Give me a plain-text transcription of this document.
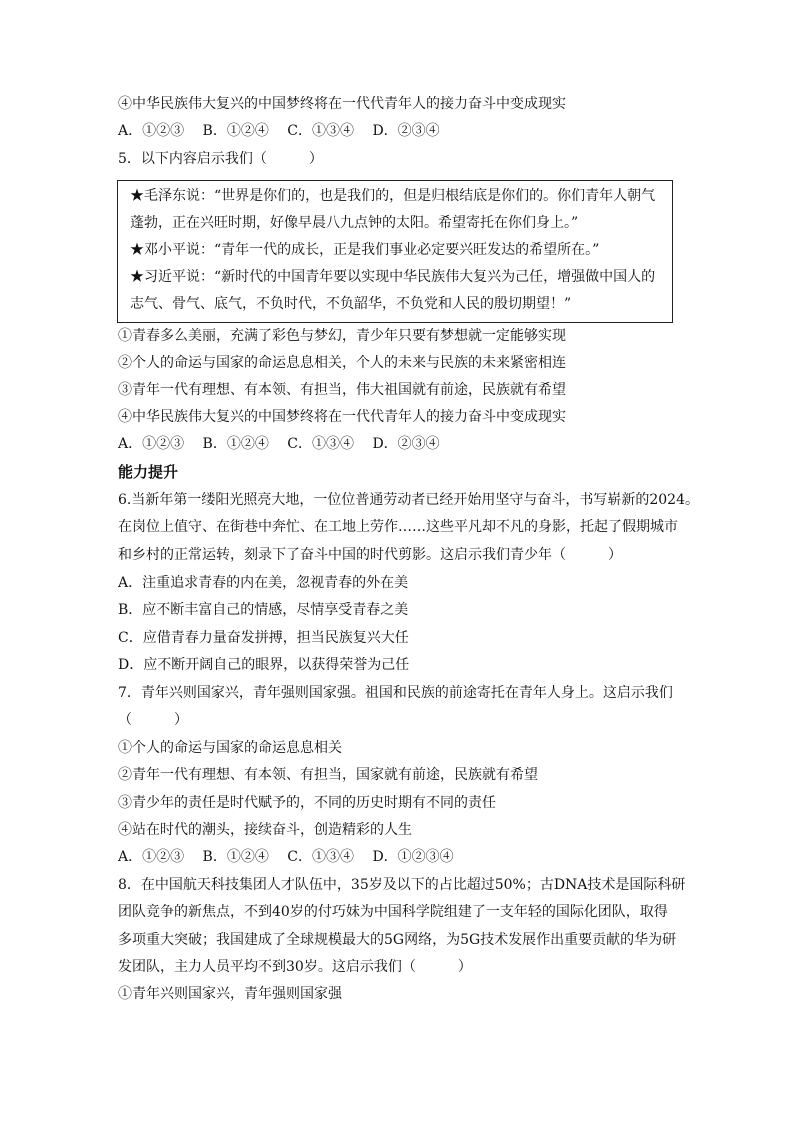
④中华民族伟大复兴的中国梦终将在一代代青年人的接力奋斗中变成现实
A．①②③　 B．①②④　 C．①③④　 D．②③④
5．以下内容启示我们（　　　）
★毛泽东说：“世界是你们的，也是我们的，但是归根结底是你们的。你们青年人朝气
蓬勃，正在兴旺时期，好像早晨八九点钟的太阳。希望寄托在你们身上。”
★邓小平说：“青年一代的成长，正是我们事业必定要兴旺发达的希望所在。”
★习近平说：“新时代的中国青年要以实现中华民族伟大复兴为己任，增强做中国人的
志气、骨气、底气，不负时代，不负韶华，不负党和人民的殷切期望！”
①青春多么美丽，充满了彩色与梦幻，青少年只要有梦想就一定能够实现
②个人的命运与国家的命运息息相关，个人的未来与民族的未来紧密相连
③青年一代有理想、有本领、有担当，伟大祖国就有前途，民族就有希望
④中华民族伟大复兴的中国梦终将在一代代青年人的接力奋斗中变成现实
A．①②③　 B．①②④　 C．①③④　 D．②③④
能力提升
6.当新年第一缕阳光照亮大地，一位位普通劳动者已经开始用坚守与奋斗，书写崭新的2024。
在岗位上值守、在街巷中奔忙、在工地上劳作……这些平凡却不凡的身影，托起了假期城市
和乡村的正常运转，刻录下了奋斗中国的时代剪影。这启示我们青少年（　　　）
A．注重追求青春的内在美，忽视青春的外在美
B．应不断丰富自己的情感，尽情享受青春之美
C．应借青春力量奋发拼搏，担当民族复兴大任
D．应不断开阔自己的眼界，以获得荣誉为己任
7．青年兴则国家兴，青年强则国家强。祖国和民族的前途寄托在青年人身上。这启示我们
（　　　）
①个人的命运与国家的命运息息相关
②青年一代有理想、有本领、有担当，国家就有前途，民族就有希望
③青少年的责任是时代赋予的，不同的历史时期有不同的责任
④站在时代的潮头，接续奋斗，创造精彩的人生
A．①②③　 B．①②④　 C．①③④　 D．①②③④
8．在中国航天科技集团人才队伍中，35岁及以下的占比超过50%；古DNA技术是国际科研
团队竞争的新焦点，不到40岁的付巧妹为中国科学院组建了一支年轻的国际化团队，取得
多项重大突破；我国建成了全球规模最大的5G网络，为5G技术发展作出重要贡献的华为研
发团队，主力人员平均不到30岁。这启示我们（　　　）
①青年兴则国家兴，青年强则国家强
